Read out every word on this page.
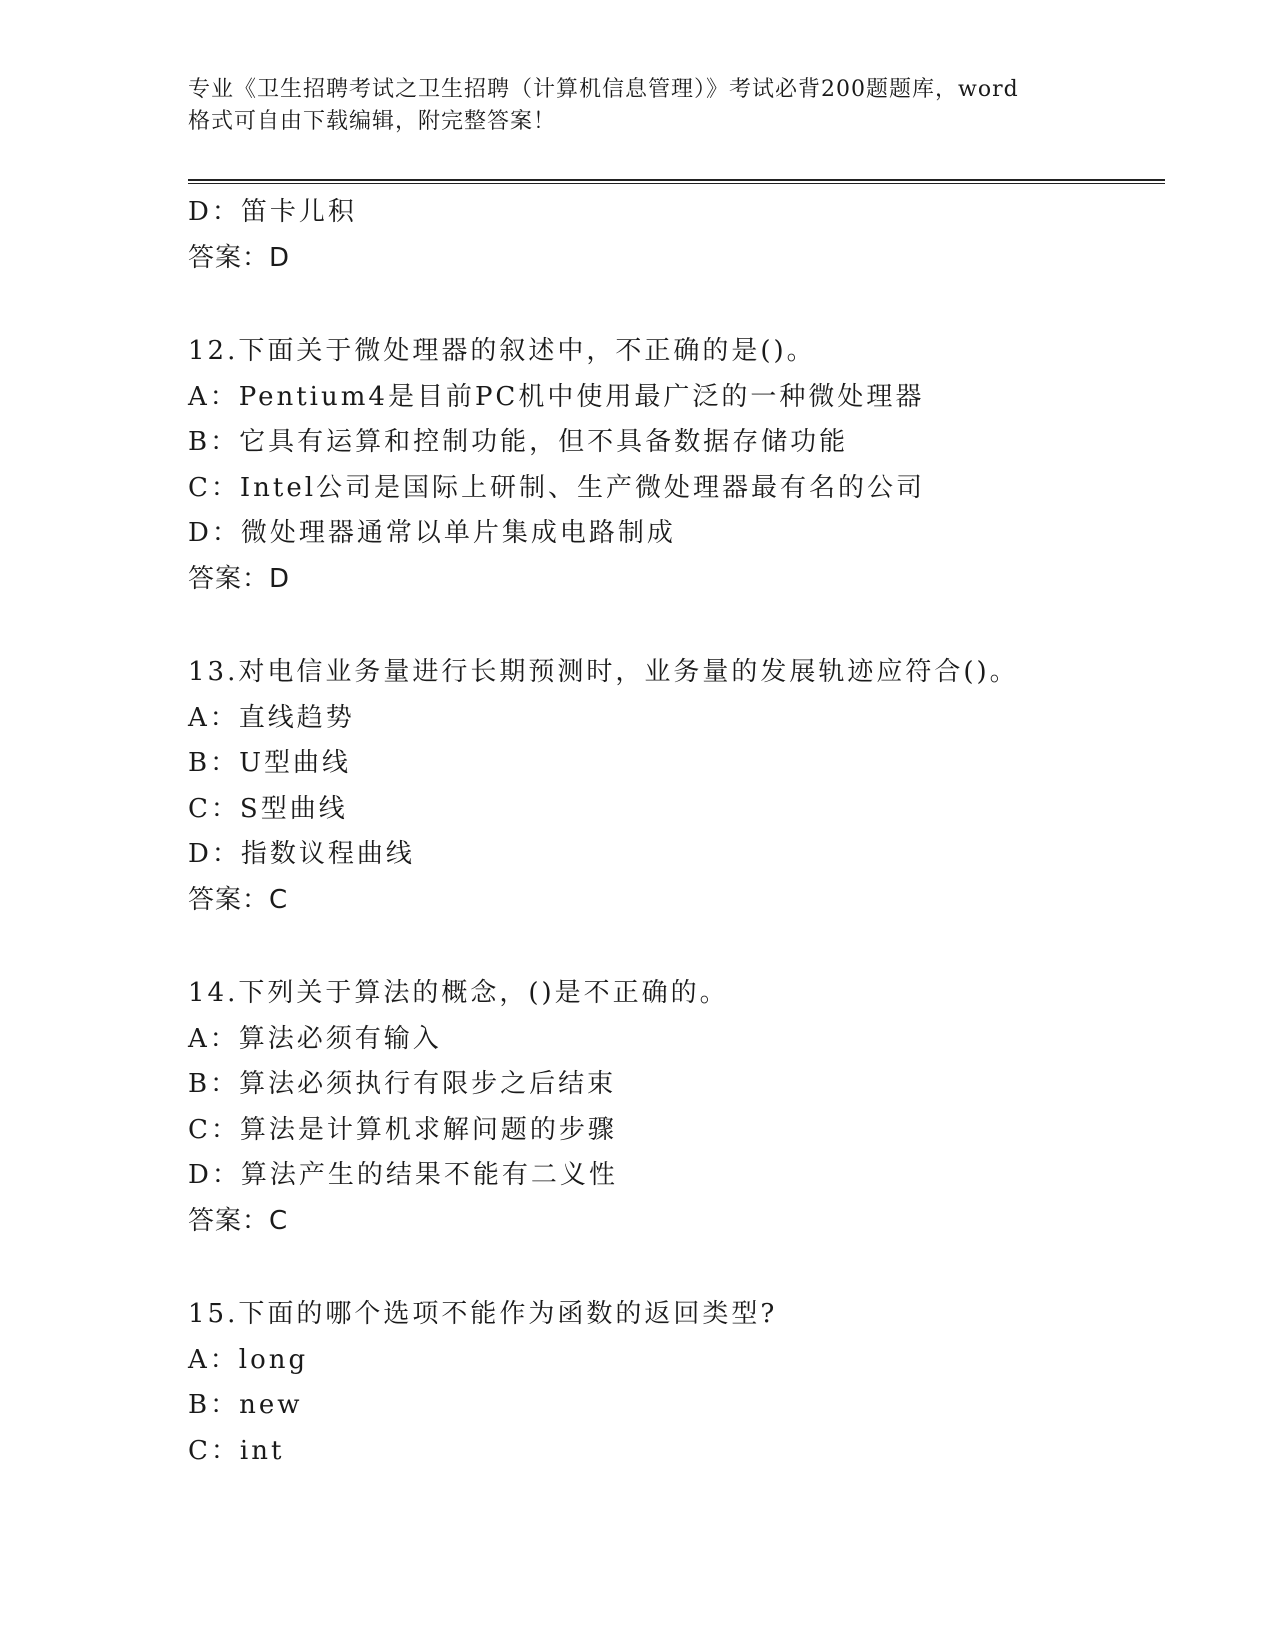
专业《卫生招聘考试之卫生招聘（计算机信息管理）》考试必背200题题库，word
格式可自由下载编辑，附完整答案！
D：笛卡儿积
答案：D
12.下面关于微处理器的叙述中，不正确的是()。
A：Pentium4是目前PC机中使用最广泛的一种微处理器
B：它具有运算和控制功能，但不具备数据存储功能
C：Intel公司是国际上研制、生产微处理器最有名的公司
D：微处理器通常以单片集成电路制成
答案：D
13.对电信业务量进行长期预测时，业务量的发展轨迹应符合()。
A：直线趋势
B：U型曲线
C：S型曲线
D：指数议程曲线
答案：C
14.下列关于算法的概念，()是不正确的。
A：算法必须有输入
B：算法必须执行有限步之后结束
C：算法是计算机求解问题的步骤
D：算法产生的结果不能有二义性
答案：C
15.下面的哪个选项不能作为函数的返回类型?
A：long
B：new
C：int
